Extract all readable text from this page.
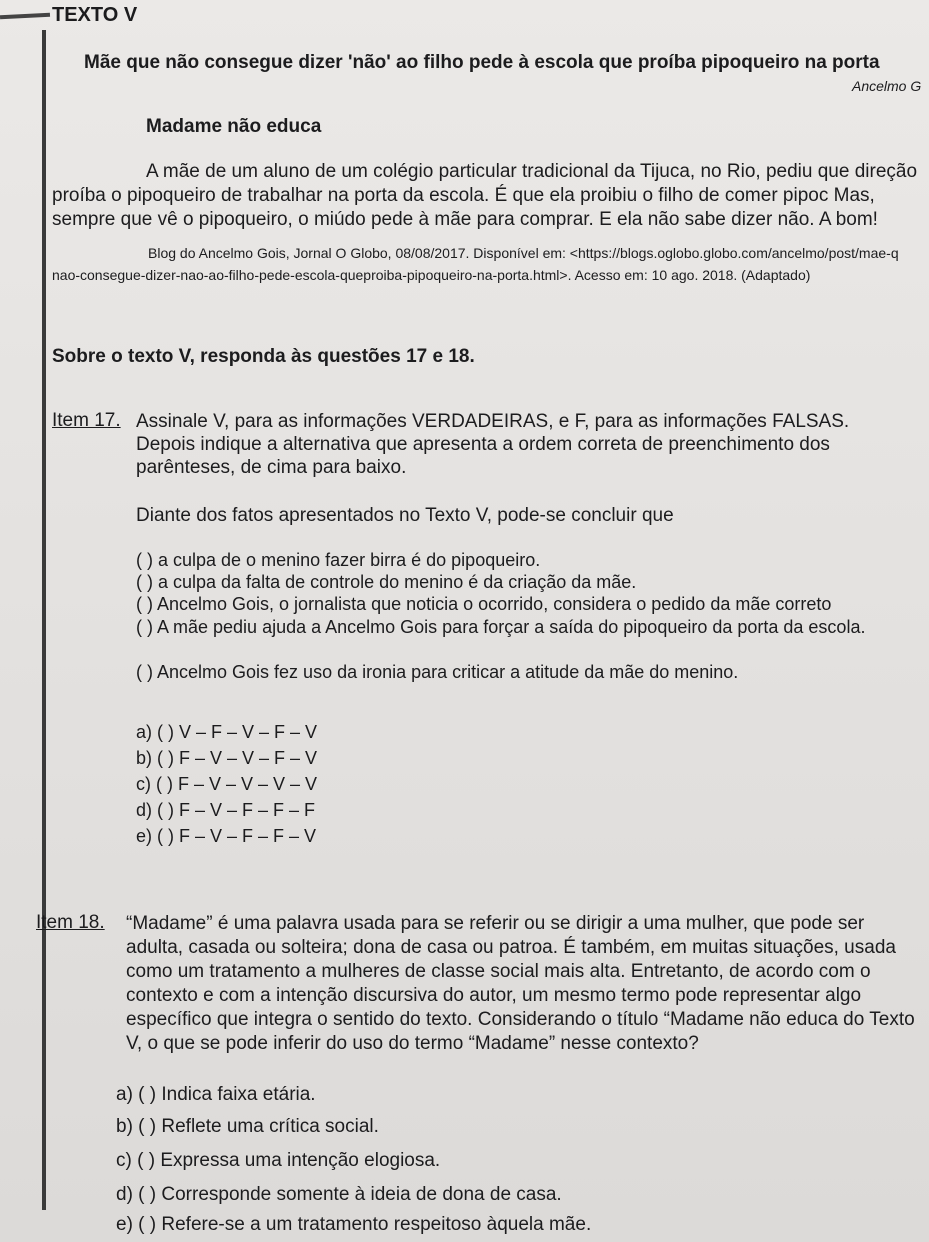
TEXTO V
Mãe que não consegue dizer 'não' ao filho pede à escola que proíba pipoqueiro na porta
Ancelmo G
Madame não educa
A mãe de um aluno de um colégio particular tradicional da Tijuca, no Rio, pediu que direção proíba o pipoqueiro de trabalhar na porta da escola. É que ela proibiu o filho de comer pipoc Mas, sempre que vê o pipoqueiro, o miúdo pede à mãe para comprar. E ela não sabe dizer não. A bom!
Blog do Ancelmo Gois, Jornal O Globo, 08/08/2017. Disponível em: <https://blogs.oglobo.globo.com/ancelmo/post/mae-q nao-consegue-dizer-nao-ao-filho-pede-escola-queproiba-pipoqueiro-na-porta.html>. Acesso em: 10 ago. 2018. (Adaptado)
Sobre o texto V, responda às questões 17 e 18.
Item 17. Assinale V, para as informações VERDADEIRAS, e F, para as informações FALSAS. Depois indique a alternativa que apresenta a ordem correta de preenchimento dos parênteses, de cima para baixo.
Diante dos fatos apresentados no Texto V, pode-se concluir que
( ) a culpa de o menino fazer birra é do pipoqueiro.
( ) a culpa da falta de controle do menino é da criação da mãe.
( ) Ancelmo Gois, o jornalista que noticia o ocorrido, considera o pedido da mãe correto
( ) A mãe pediu ajuda a Ancelmo Gois para forçar a saída do pipoqueiro da porta da escola.
( ) Ancelmo Gois fez uso da ironia para criticar a atitude da mãe do menino.
a) ( ) V – F – V – F – V
b) ( ) F – V – V – F – V
c) ( ) F – V – V – V – V
d) ( ) F – V – F – F – F
e) ( ) F – V – F – F – V
Item 18. “Madame” é uma palavra usada para se referir ou se dirigir a uma mulher, que pode ser adulta, casada ou solteira; dona de casa ou patroa. É também, em muitas situações, usada como um tratamento a mulheres de classe social mais alta. Entretanto, de acordo com o contexto e com a intenção discursiva do autor, um mesmo termo pode representar algo específico que integra o sentido do texto. Considerando o título “Madame não educa do Texto V, o que se pode inferir do uso do termo “Madame” nesse contexto?
a) ( ) Indica faixa etária.
b) ( ) Reflete uma crítica social.
c) ( ) Expressa uma intenção elogiosa.
d) ( ) Corresponde somente à ideia de dona de casa.
e) ( ) Refere-se a um tratamento respeitoso àquela mãe.
